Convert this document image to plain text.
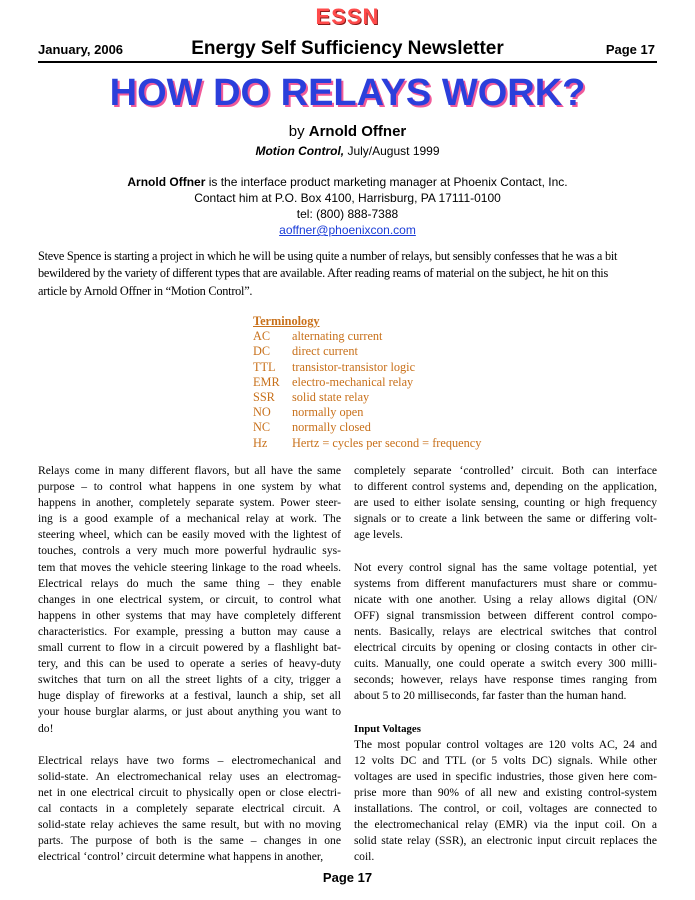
ESSN
January, 2006	Energy Self Sufficiency Newsletter	Page 17
HOW DO RELAYS WORK?
by Arnold Offner
Motion Control, July/August 1999
Arnold Offner is the interface product marketing manager at Phoenix Contact, Inc.
Contact him at P.O. Box 4100, Harrisburg, PA 17111-0100
tel: (800) 888-7388
aoffner@phoenixcon.com
Steve Spence is starting a project in which he will be using quite a number of relays, but sensibly confesses that he was a bit
bewildered by the variety of different types that are available. After reading reams of material on the subject, he hit on this
article by Arnold Offner in “Motion Control”.
Terminology
AC alternating current
DC direct current
TTL transistor-transistor logic
EMR electro-mechanical relay
SSR solid state relay
NO normally open
NC normally closed
Hz Hertz = cycles per second = frequency
Relays come in many different flavors, but all have the same
purpose – to control what happens in one system by what
happens in another, completely separate system. Power steer-
ing is a good example of a mechanical relay at work. The
steering wheel, which can be easily moved with the lightest of
touches, controls a very much more powerful hydraulic sys-
tem that moves the vehicle steering linkage to the road wheels.
Electrical relays do much the same thing – they enable
changes in one electrical system, or circuit, to control what
happens in other systems that may have completely different
characteristics. For example, pressing a button may cause a
small current to flow in a circuit powered by a flashlight bat-
tery, and this can be used to operate a series of heavy-duty
switches that turn on all the street lights of a city, trigger a
huge display of fireworks at a festival, launch a ship, set all
your house burglar alarms, or just about anything you want to
do!
Electrical relays have two forms – electromechanical and
solid-state. An electromechanical relay uses an electromag-
net in one electrical circuit to physically open or close electri-
cal contacts in a completely separate electrical circuit. A
solid-state relay achieves the same result, but with no moving
parts. The purpose of both is the same – changes in one
electrical ‘control’ circuit determine what happens in another,
completely separate ‘controlled’ circuit. Both can interface
to different control systems and, depending on the application,
are used to either isolate sensing, counting or high frequency
signals or to create a link between the same or differing volt-
age levels.
Not every control signal has the same voltage potential, yet
systems from different manufacturers must share or commu-
nicate with one another. Using a relay allows digital (ON/
OFF) signal transmission between different control compo-
nents. Basically, relays are electrical switches that control
electrical circuits by opening or closing contacts in other cir-
cuits. Manually, one could operate a switch every 300 milli-
seconds; however, relays have response times ranging from
about 5 to 20 milliseconds, far faster than the human hand.
Input Voltages
The most popular control voltages are 120 volts AC, 24 and
12 volts DC and TTL (or 5 volts DC) signals. While other
voltages are used in specific industries, those given here com-
prise more than 90% of all new and existing control-system
installations. The control, or coil, voltages are connected to
the electromechanical relay (EMR) via the input coil. On a
solid state relay (SSR), an electronic input circuit replaces the
coil.
Page 17
